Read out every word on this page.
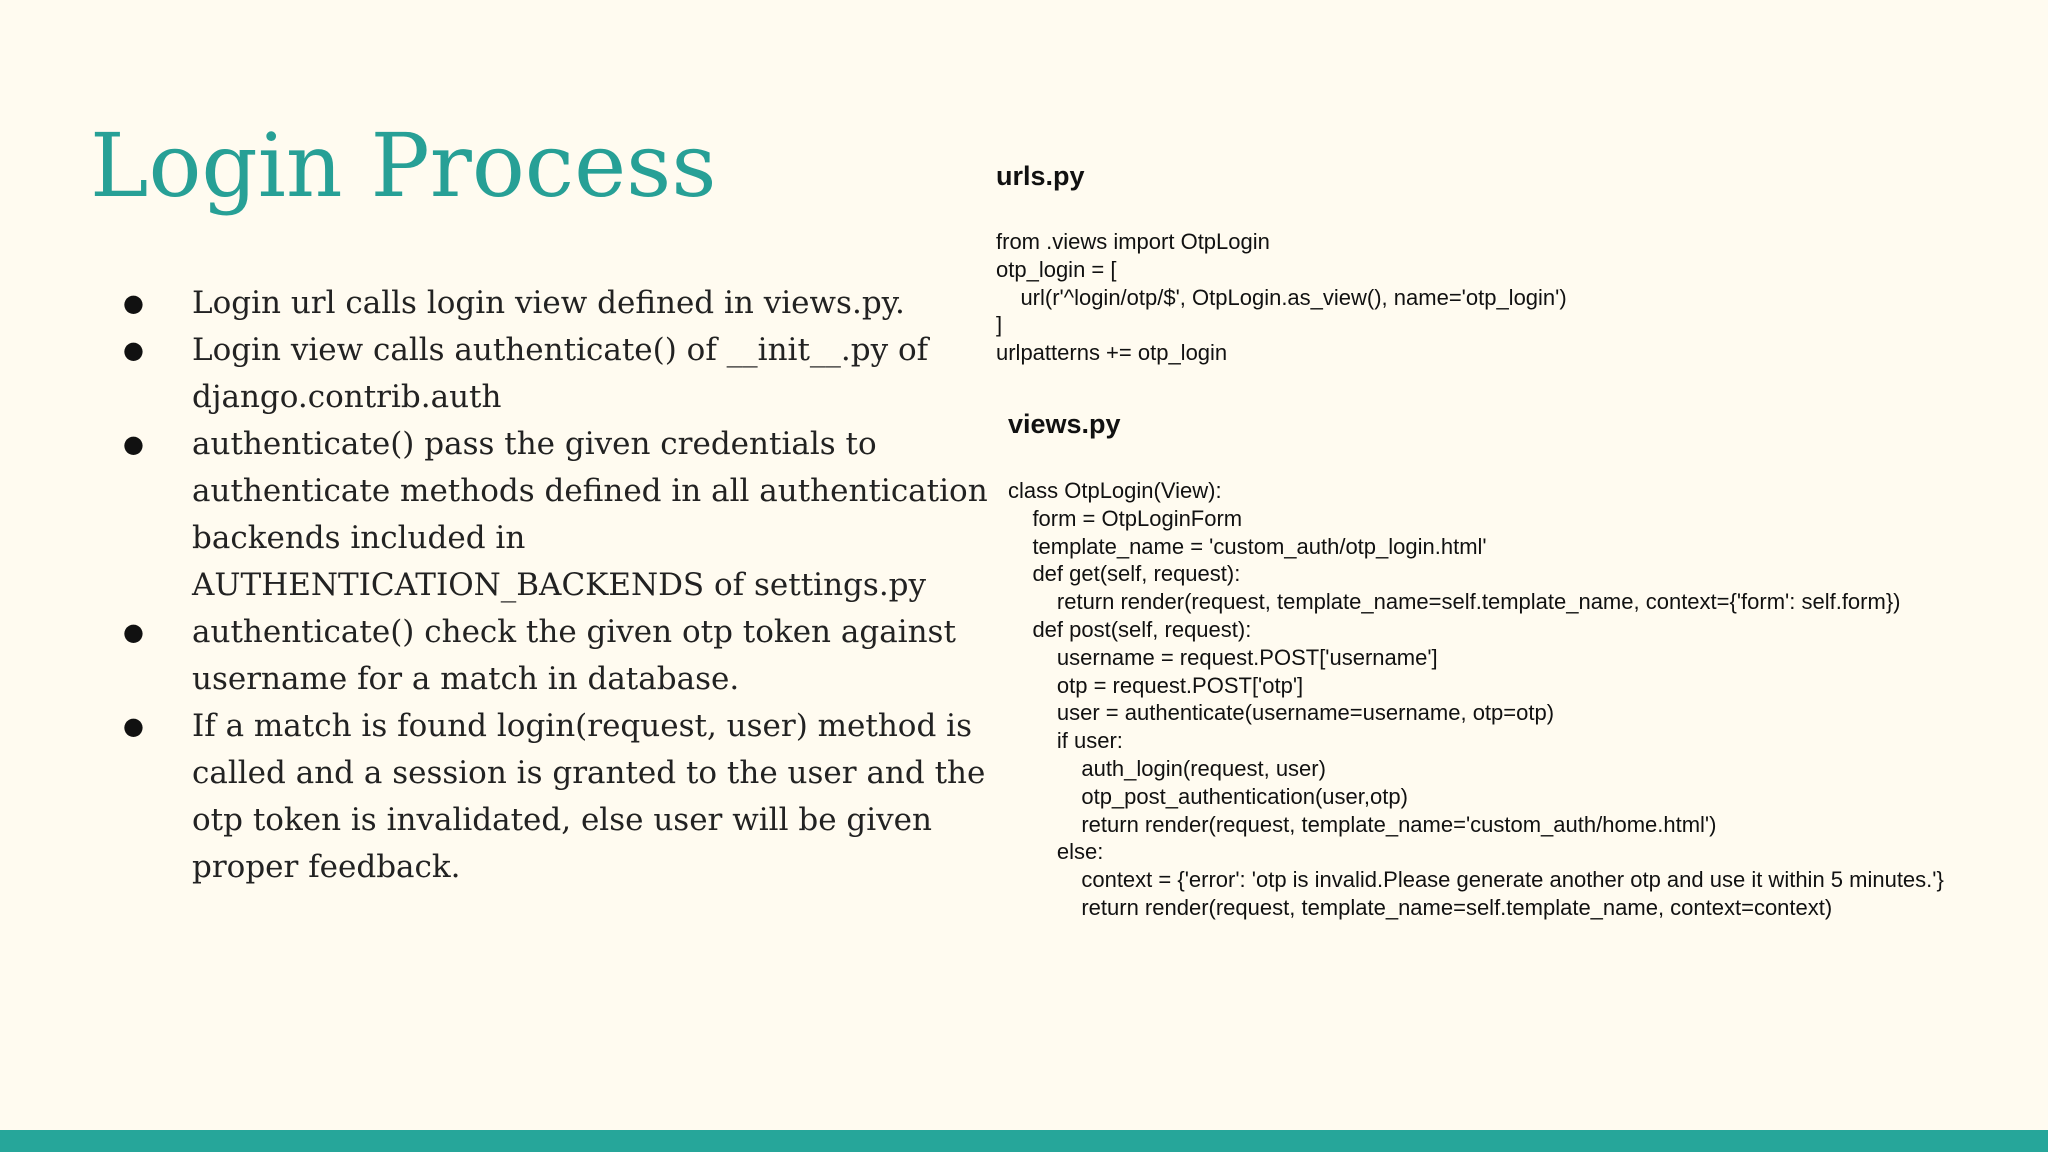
Login Process
● Login url calls login view defined in views.py.
● Login view calls authenticate() of __init__.py of django.contrib.auth
● authenticate() pass the given credentials to authenticate methods defined in all authentication backends included in AUTHENTICATION_BACKENDS of settings.py
● authenticate() check the given otp token against username for a match in database.
● If a match is found login(request, user) method is called and a session is granted to the user and the otp token is invalidated, else user will be given proper feedback.
urls.py
from .views import OtpLogin
otp_login = [
url(r'^login/otp/$', OtpLogin.as_view(), name='otp_login')
]
urlpatterns += otp_login
views.py
class OtpLogin(View):
form = OtpLoginForm
template_name = 'custom_auth/otp_login.html'
def get(self, request):
return render(request, template_name=self.template_name, context={'form': self.form})
def post(self, request):
username = request.POST['username']
otp = request.POST['otp']
user = authenticate(username=username, otp=otp)
if user:
auth_login(request, user)
otp_post_authentication(user,otp)
return render(request, template_name='custom_auth/home.html')
else:
context = {'error': 'otp is invalid.Please generate another otp and use it within 5 minutes.'}
return render(request, template_name=self.template_name, context=context)
